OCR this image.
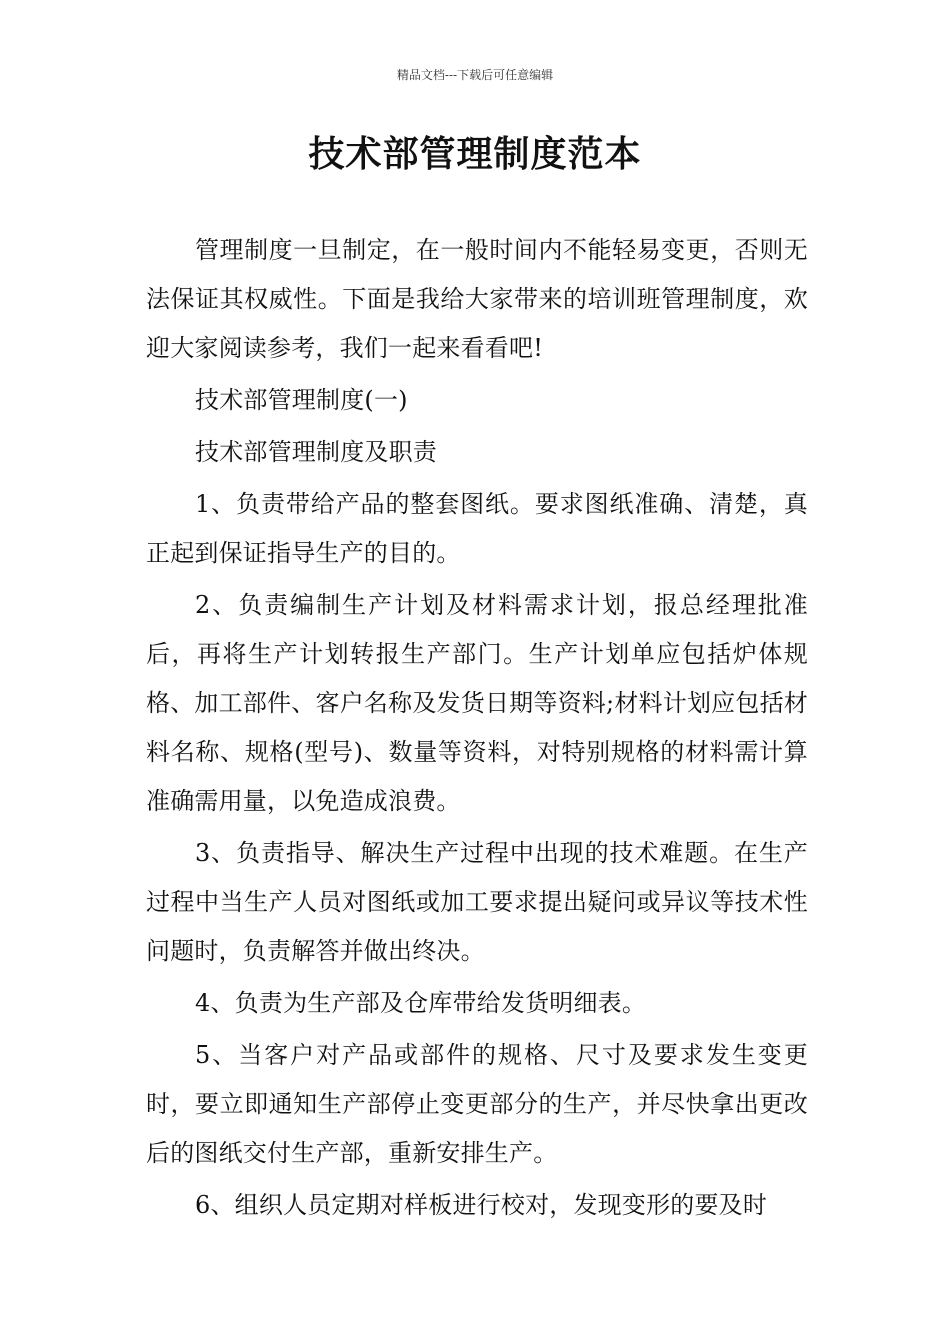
精品文档---下载后可任意编辑
技术部管理制度范本

管理制度一旦制定，在一般时间内不能轻易变更，否则无法保证其权威性。下面是我给大家带来的培训班管理制度，欢迎大家阅读参考，我们一起来看看吧!

技术部管理制度(一)

技术部管理制度及职责

1、负责带给产品的整套图纸。要求图纸准确、清楚，真正起到保证指导生产的目的。

2、负责编制生产计划及材料需求计划，报总经理批准后，再将生产计划转报生产部门。生产计划单应包括炉体规格、加工部件、客户名称及发货日期等资料;材料计划应包括材料名称、规格(型号)、数量等资料，对特别规格的材料需计算准确需用量，以免造成浪费。

3、负责指导、解决生产过程中出现的技术难题。在生产过程中当生产人员对图纸或加工要求提出疑问或异议等技术性问题时，负责解答并做出终决。

4、负责为生产部及仓库带给发货明细表。

5、当客户对产品或部件的规格、尺寸及要求发生变更时，要立即通知生产部停止变更部分的生产，并尽快拿出更改后的图纸交付生产部，重新安排生产。

6、组织人员定期对样板进行校对，发现变形的要及时
